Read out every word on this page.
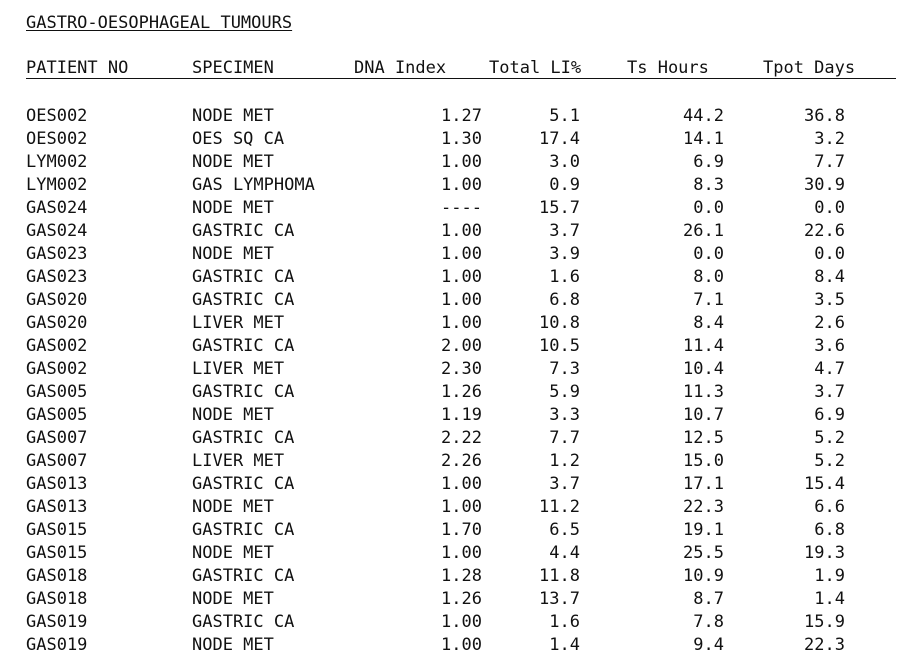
GASTRO-OESOPHAGEAL TUMOURS
PATIENT NO	SPECIMEN	DNA Index	Total LI%	Ts Hours	Tpot Days
OES002	NODE MET	1.27	5.1	44.2	36.8
OES002	OES SQ CA	1.30	17.4	14.1	3.2
LYM002	NODE MET	1.00	3.0	6.9	7.7
LYM002	GAS LYMPHOMA	1.00	0.9	8.3	30.9
GAS024	NODE MET	----	15.7	0.0	0.0
GAS024	GASTRIC CA	1.00	3.7	26.1	22.6
GAS023	NODE MET	1.00	3.9	0.0	0.0
GAS023	GASTRIC CA	1.00	1.6	8.0	8.4
GAS020	GASTRIC CA	1.00	6.8	7.1	3.5
GAS020	LIVER MET	1.00	10.8	8.4	2.6
GAS002	GASTRIC CA	2.00	10.5	11.4	3.6
GAS002	LIVER MET	2.30	7.3	10.4	4.7
GAS005	GASTRIC CA	1.26	5.9	11.3	3.7
GAS005	NODE MET	1.19	3.3	10.7	6.9
GAS007	GASTRIC CA	2.22	7.7	12.5	5.2
GAS007	LIVER MET	2.26	1.2	15.0	5.2
GAS013	GASTRIC CA	1.00	3.7	17.1	15.4
GAS013	NODE MET	1.00	11.2	22.3	6.6
GAS015	GASTRIC CA	1.70	6.5	19.1	6.8
GAS015	NODE MET	1.00	4.4	25.5	19.3
GAS018	GASTRIC CA	1.28	11.8	10.9	1.9
GAS018	NODE MET	1.26	13.7	8.7	1.4
GAS019	GASTRIC CA	1.00	1.6	7.8	15.9
GAS019	NODE MET	1.00	1.4	9.4	22.3
